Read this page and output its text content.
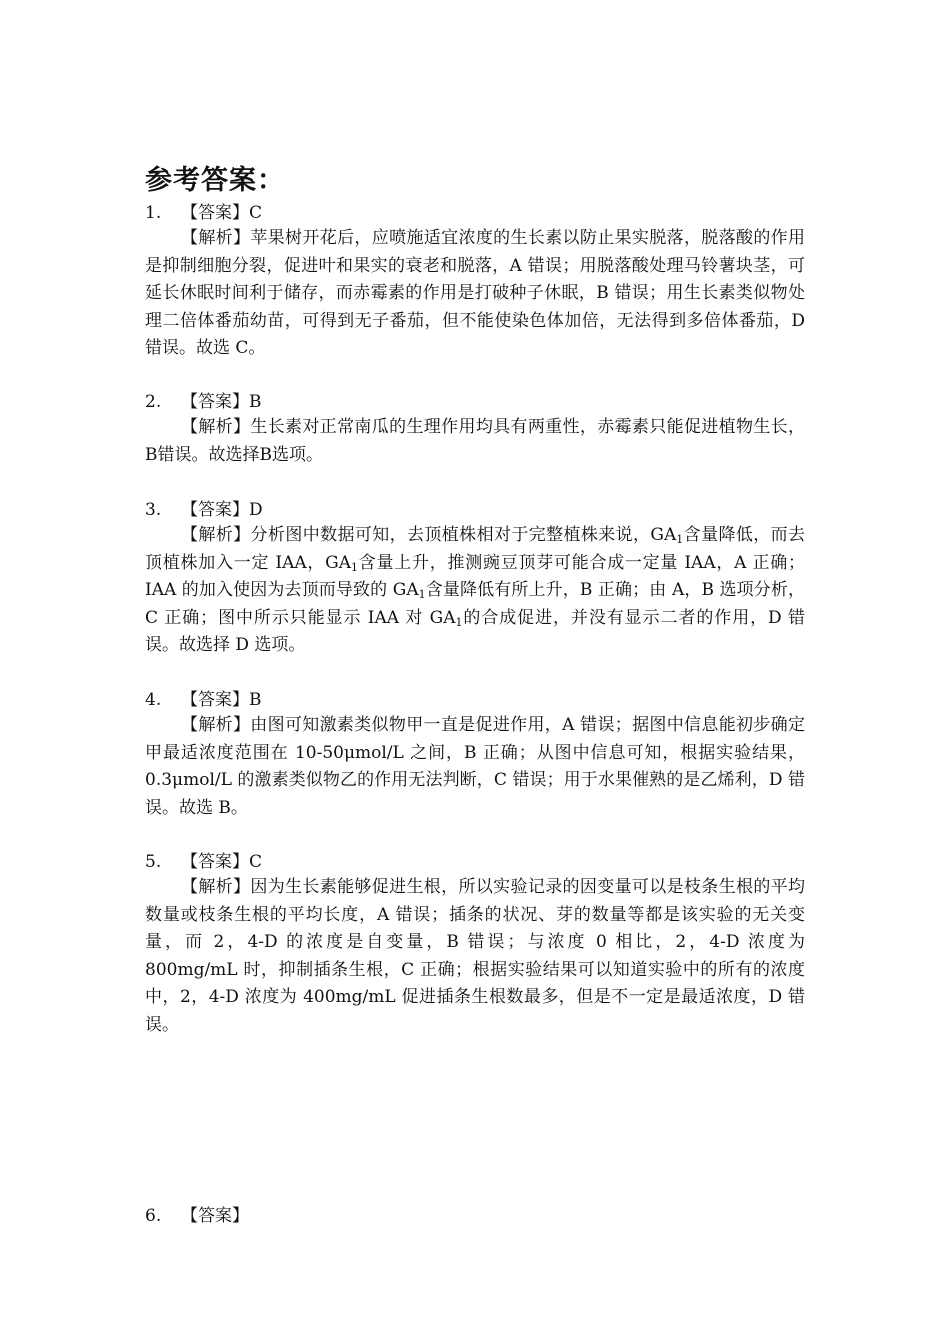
参考答案：
1. 【答案】C

【解析】苹果树开花后，应喷施适宜浓度的生长素以防止果实脱落，脱落酸的作用是抑制细胞分裂，促进叶和果实的衰老和脱落，A 错误；用脱落酸处理马铃薯块茎，可延长休眠时间利于储存，而赤霉素的作用是打破种子休眠，B 错误；用生长素类似物处理二倍体番茄幼苗，可得到无子番茄，但不能使染色体加倍，无法得到多倍体番茄，D 错误。故选 C。

2. 【答案】B

【解析】生长素对正常南瓜的生理作用均具有两重性，赤霉素只能促进植物生长，B错误。故选择B选项。

3. 【答案】D

【解析】分析图中数据可知，去顶植株相对于完整植株来说，$GA_1$含量降低，而去顶植株加入一定 IAA，$GA_1$含量上升，推测豌豆顶芽可能合成一定量 IAA，A 正确；IAA 的加入使因为去顶而导致的 $GA_1$含量降低有所上升，B 正确；由 A，B 选项分析，C 正确；图中所示只能显示 IAA 对 $GA_1$的合成促进，并没有显示二者的作用，D 错误。故选择 D 选项。

4. 【答案】B

【解析】由图可知激素类似物甲一直是促进作用，A 错误；据图中信息能初步确定甲最适浓度范围在 10-50μmol/L 之间，B 正确；从图中信息可知，根据实验结果，0.3μmol/L 的激素类似物乙的作用无法判断，C 错误；用于水果催熟的是乙烯利，D 错误。故选 B。

5. 【答案】C

【解析】因为生长素能够促进生根，所以实验记录的因变量可以是枝条生根的平均数量或枝条生根的平均长度，A 错误；插条的状况、芽的数量等都是该实验的无关变量，而 2，4-D 的浓度是自变量，B 错误；与浓度 0 相比，2，4-D 浓度为 800mg/mL 时，抑制插条生根，C 正确；根据实验结果可以知道实验中的所有的浓度中，2，4-D 浓度为 400mg/mL 促进插条生根数最多，但是不一定是最适浓度，D 错误。

6. 【答案】
